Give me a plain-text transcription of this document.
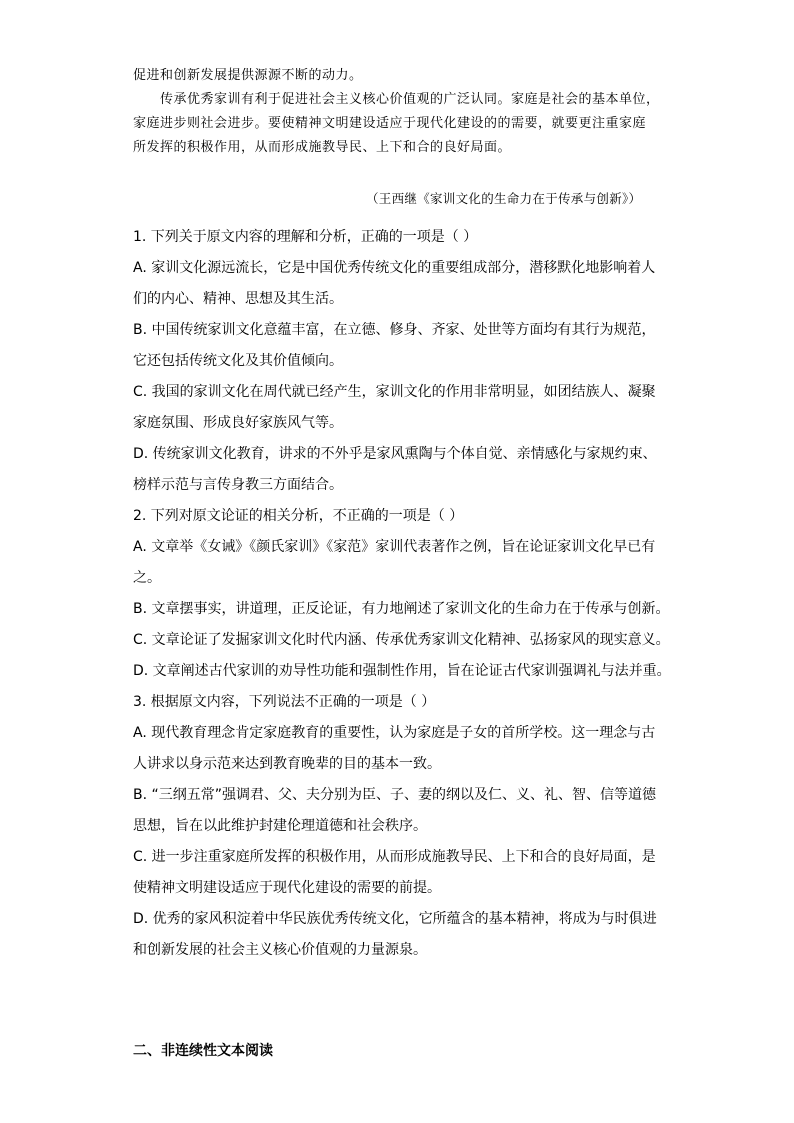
促进和创新发展提供源源不断的动力。

传承优秀家训有利于促进社会主义核心价值观的广泛认同。家庭是社会的基本单位，

家庭进步则社会进步。要使精神文明建设适应于现代化建设的的需要，就要更注重家庭

所发挥的积极作用，从而形成施教导民、上下和合的良好局面。

（王西继《家训文化的生命力在于传承与创新》）

1. 下列关于原文内容的理解和分析，正确的一项是（ ）

A. 家训文化源远流长，它是中国优秀传统文化的重要组成部分，潜移默化地影响着人

们的内心、精神、思想及其生活。

B. 中国传统家训文化意蕴丰富，在立德、修身、齐家、处世等方面均有其行为规范，

它还包括传统文化及其价值倾向。

C. 我国的家训文化在周代就已经产生，家训文化的作用非常明显，如团结族人、凝聚

家庭氛围、形成良好家族风气等。

D. 传统家训文化教育，讲求的不外乎是家风熏陶与个体自觉、亲情感化与家规约束、

榜样示范与言传身教三方面结合。

2. 下列对原文论证的相关分析，不正确的一项是（ ）

A. 文章举《女诫》《颜氏家训》《家范》家训代表著作之例，旨在论证家训文化早已有

之。

B. 文章摆事实，讲道理，正反论证，有力地阐述了家训文化的生命力在于传承与创新。

C. 文章论证了发掘家训文化时代内涵、传承优秀家训文化精神、弘扬家风的现实意义。

D. 文章阐述古代家训的劝导性功能和强制性作用，旨在论证古代家训强调礼与法并重。

3. 根据原文内容，下列说法不正确的一项是（ ）

A. 现代教育理念肯定家庭教育的重要性，认为家庭是子女的首所学校。这一理念与古

人讲求以身示范来达到教育晚辈的目的基本一致。

B. “三纲五常”强调君、父、夫分别为臣、子、妻的纲以及仁、义、礼、智、信等道德

思想，旨在以此维护封建伦理道德和社会秩序。

C. 进一步注重家庭所发挥的积极作用，从而形成施教导民、上下和合的良好局面，是

使精神文明建设适应于现代化建设的需要的前提。

D. 优秀的家风积淀着中华民族优秀传统文化，它所蕴含的基本精神，将成为与时俱进

和创新发展的社会主义核心价值观的力量源泉。

二、非连续性文本阅读
